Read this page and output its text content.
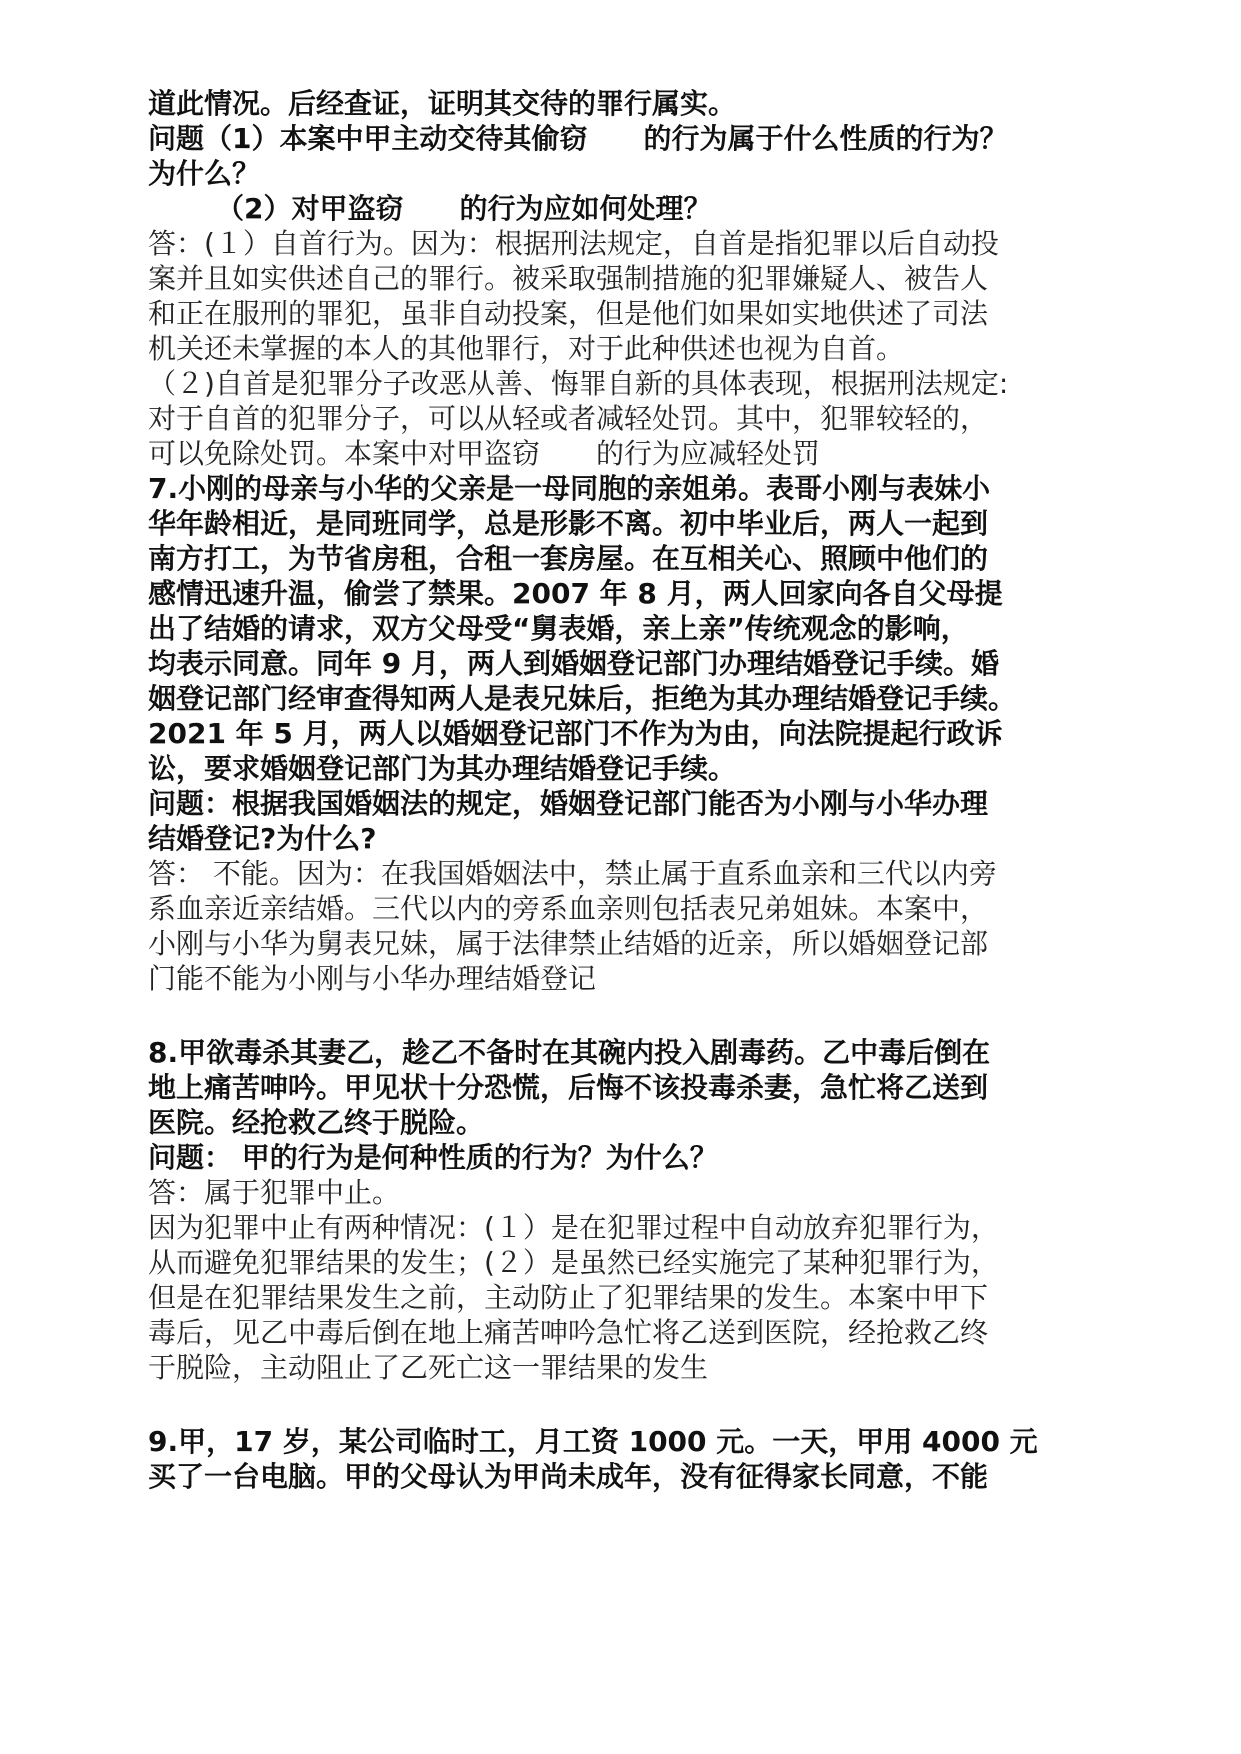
道此情况。后经查证，证明其交待的罪行属实。
问题（1）本案中甲主动交待其偷窃　　的行为属于什么性质的行为？
为什么？
（2）对甲盗窃　　的行为应如何处理？
答：(１）自首行为。因为：根据刑法规定，自首是指犯罪以后自动投
案并且如实供述自己的罪行。被采取强制措施的犯罪嫌疑人、被告人
和正在服刑的罪犯，虽非自动投案，但是他们如果如实地供述了司法
机关还未掌握的本人的其他罪行，对于此种供述也视为自首。
（２)自首是犯罪分子改恶从善、悔罪自新的具体表现，根据刑法规定:
对于自首的犯罪分子，可以从轻或者减轻处罚。其中，犯罪较轻的，
可以免除处罚。本案中对甲盗窃　　的行为应减轻处罚
7.小刚的母亲与小华的父亲是一母同胞的亲姐弟。表哥小刚与表妹小
华年龄相近，是同班同学，总是形影不离。初中毕业后，两人一起到
南方打工，为节省房租，合租一套房屋。在互相关心、照顾中他们的
感情迅速升温，偷尝了禁果。2007 年 8 月，两人回家向各自父母提
出了结婚的请求，双方父母受“舅表婚，亲上亲”传统观念的影响，
均表示同意。同年 9 月，两人到婚姻登记部门办理结婚登记手续。婚
姻登记部门经审查得知两人是表兄妹后，拒绝为其办理结婚登记手续。
2021 年 5 月，两人以婚姻登记部门不作为为由，向法院提起行政诉
讼，要求婚姻登记部门为其办理结婚登记手续。
问题：根据我国婚姻法的规定，婚姻登记部门能否为小刚与小华办理
结婚登记?为什么?
答： 不能。因为：在我国婚姻法中，禁止属于直系血亲和三代以内旁
系血亲近亲结婚。三代以内的旁系血亲则包括表兄弟姐妹。本案中，
小刚与小华为舅表兄妹，属于法律禁止结婚的近亲，所以婚姻登记部
门能不能为小刚与小华办理结婚登记
8.甲欲毒杀其妻乙，趁乙不备时在其碗内投入剧毒药。乙中毒后倒在
地上痛苦呻吟。甲见状十分恐慌，后悔不该投毒杀妻，急忙将乙送到
医院。经抢救乙终于脱险。
问题： 甲的行为是何种性质的行为？为什么？
答：属于犯罪中止。
因为犯罪中止有两种情况：(１）是在犯罪过程中自动放弃犯罪行为，
从而避免犯罪结果的发生；(２）是虽然已经实施完了某种犯罪行为，
但是在犯罪结果发生之前，主动防止了犯罪结果的发生。本案中甲下
毒后，见乙中毒后倒在地上痛苦呻吟急忙将乙送到医院，经抢救乙终
于脱险，主动阻止了乙死亡这一罪结果的发生
9.甲，17 岁，某公司临时工，月工资 1000 元。一天，甲用 4000 元
买了一台电脑。甲的父母认为甲尚未成年，没有征得家长同意，不能
